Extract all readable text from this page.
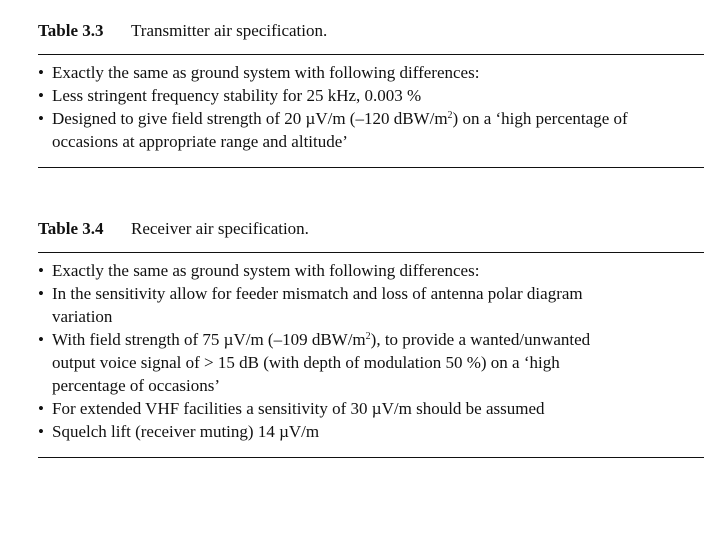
Table 3.3 Transmitter air specification.
• Exactly the same as ground system with following differences:
• Less stringent frequency stability for 25 kHz, 0.003 %
• Designed to give field strength of 20 µV/m (–120 dBW/$m^2$) on a ‘high percentage of
occasions at appropriate range and altitude’
Table 3.4 Receiver air specification.
• Exactly the same as ground system with following differences:
• In the sensitivity allow for feeder mismatch and loss of antenna polar diagram
variation
• With field strength of 75 µV/m (–109 dBW/$m^2$), to provide a wanted/unwanted
output voice signal of > 15 dB (with depth of modulation 50 %) on a ‘high
percentage of occasions’
• For extended VHF facilities a sensitivity of 30 µV/m should be assumed
• Squelch lift (receiver muting) 14 µV/m
